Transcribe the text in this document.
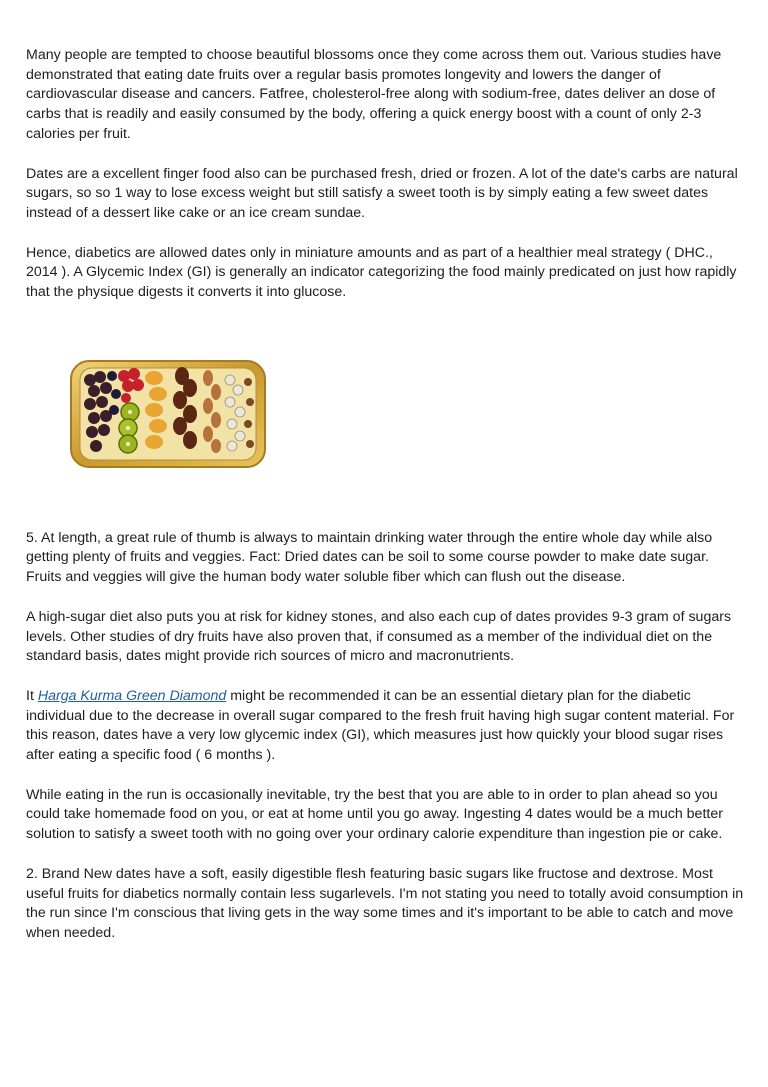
Many people are tempted to choose beautiful blossoms once they come across them out. Various studies have demonstrated that eating date fruits over a regular basis promotes longevity and lowers the danger of cardiovascular disease and cancers. Fatfree, cholesterol-free along with sodium-free, dates deliver an dose of carbs that is readily and easily consumed by the body, offering a quick energy boost with a count of only 2-3 calories per fruit.

Dates are a excellent finger food also can be purchased fresh, dried or frozen. A lot of the date's carbs are natural sugars, so so 1 way to lose excess weight but still satisfy a sweet tooth is by simply eating a few sweet dates instead of a dessert like cake or an ice cream sundae.

Hence, diabetics are allowed dates only in miniature amounts and as part of a healthier meal strategy ( DHC., 2014 ). A Glycemic Index (GI) is generally an indicator categorizing the food mainly predicated on just how rapidly that the physique digests it converts it into glucose.

5. At length, a great rule of thumb is always to maintain drinking water through the entire whole day while also getting plenty of fruits and veggies. Fact: Dried dates can be soil to some course powder to make date sugar. Fruits and veggies will give the human body water soluble fiber which can flush out the disease.

A high-sugar diet also puts you at risk for kidney stones, and also each cup of dates provides 9-3 gram of sugars levels. Other studies of dry fruits have also proven that, if consumed as a member of the individual diet on the standard basis, dates might provide rich sources of micro and macronutrients.

It Harga Kurma Green Diamond might be recommended it can be an essential dietary plan for the diabetic individual due to the decrease in overall sugar compared to the fresh fruit having high sugar content material. For this reason, dates have a very low glycemic index (GI), which measures just how quickly your blood sugar rises after eating a specific food ( 6 months ).

While eating in the run is occasionally inevitable, try the best that you are able to in order to plan ahead so you could take homemade food on you, or eat at home until you go away. Ingesting 4 dates would be a much better solution to satisfy a sweet tooth with no going over your ordinary calorie expenditure than ingestion pie or cake.

2. Brand New dates have a soft, easily digestible flesh featuring basic sugars like fructose and dextrose. Most useful fruits for diabetics normally contain less sugarlevels. I'm not stating you need to totally avoid consumption in the run since I'm conscious that living gets in the way some times and it's important to be able to catch and move when needed.
